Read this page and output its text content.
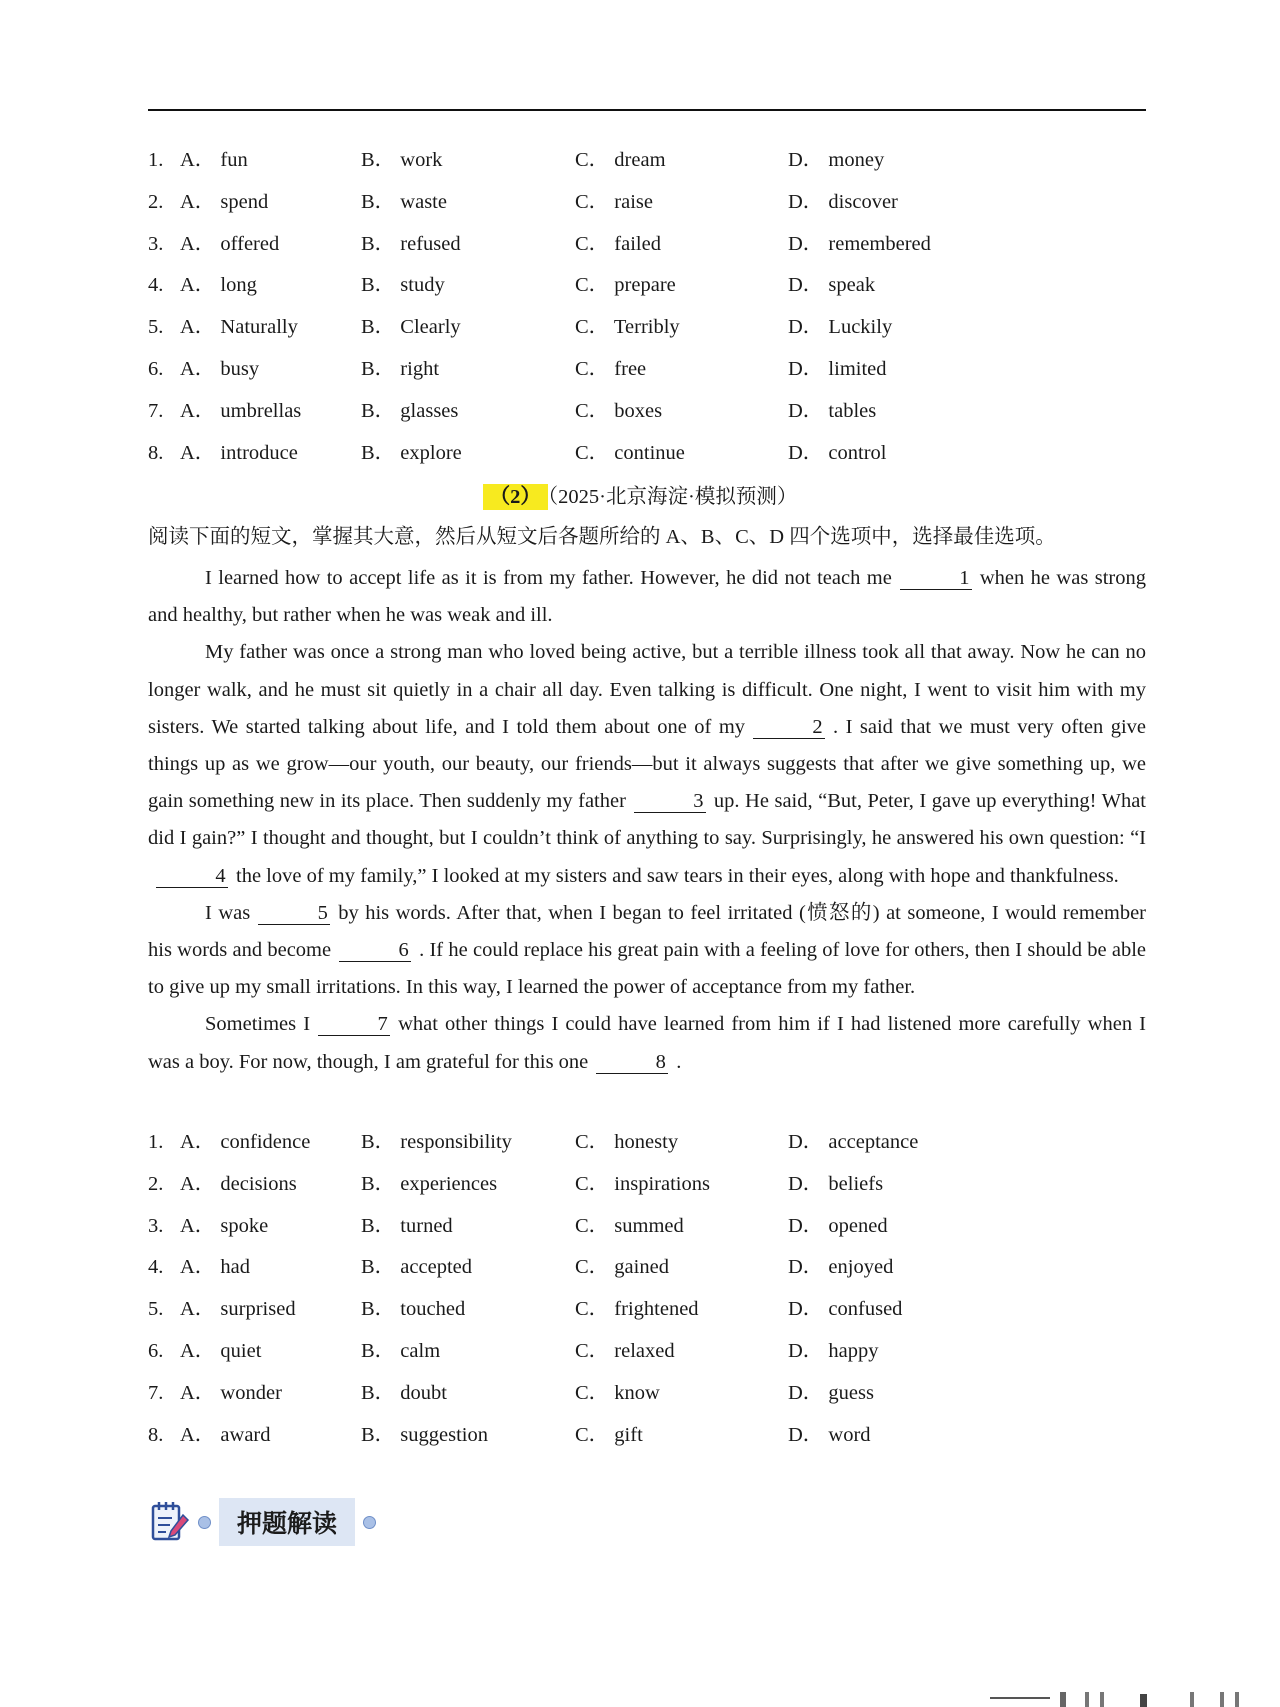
1. A． fun	B． work	C． dream	D． money
2. A． spend	B． waste	C． raise	D． discover
3. A． offered	B． refused	C． failed	D． remembered
4. A． long	B． study	C． prepare	D． speak
5. A． Naturally	B． Clearly	C． Terribly	D． Luckily
6. A． busy	B． right	C． free	D． limited
7. A． umbrellas	B． glasses	C． boxes	D． tables
8. A． introduce	B． explore	C． continue	D． control
（2） （2025·北京海淀·模拟预测）
阅读下面的短文，掌握其大意，然后从短文后各题所给的 A、B、C、D 四个选项中，选择最佳选项。

I learned how to accept life as it is from my father. However, he did not teach me	1 when he was strong and healthy, but rather when he was weak and ill.

My father was once a strong man who loved being active, but a terrible illness took all that away. Now he can no longer walk, and he must sit quietly in a chair all day. Even talking is difficult. One night, I went to visit him with my sisters. We started talking about life, and I told them about one of my	2 . I said that we must very often give things up as we grow—our youth, our beauty, our friends—but it always suggests that after we give something up, we gain something new in its place. Then suddenly my father	3 up. He said, “But, Peter, I gave up everything! What did I gain?” I thought and thought, but I couldn’t think of anything to say. Surprisingly, he answered his own question: “I4 the love of my family,” I looked at my sisters and saw tears in their eyes, along with hope and thankfulness.

I was	5 by his words. After that, when I began to feel irritated (愤怒的) at someone, I would remember his words and become	6 . If he could replace his great pain with a feeling of love for others, then I should be able to give up my small irritations. In this way, I learned the power of acceptance from my father.

Sometimes I	7 what other things I could have learned from him if I had listened more carefully when I was a boy. For now, though, I am grateful for this one	8 .

1. A． confidence B． responsibility	C． honesty	D． acceptance
2. A． decisions	B． experiences	C． inspirations	D． beliefs
3. A． spoke	B． turned	C． summed	D． opened
4. A． had	B． accepted	C． gained	D． enjoyed
5. A． surprised	B． touched	C． frightened	D． confused
6. A． quiet	B． calm	C． relaxed	D． happy
7. A． wonder	B． doubt	C． know	D． guess
8. A． award	B． suggestion	C． gift	D． word
押题解读
